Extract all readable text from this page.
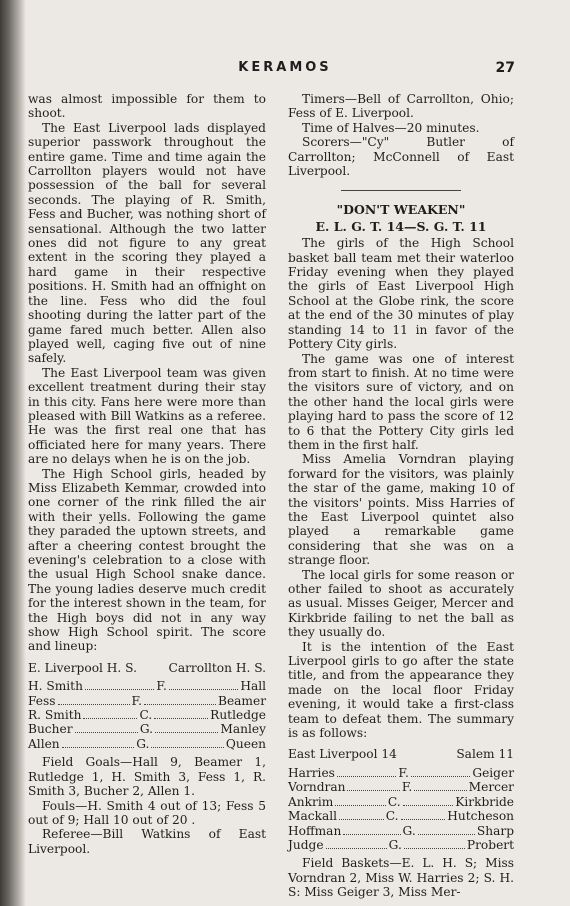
KERAMOS	27

was almost impossible for them to shoot.

The East Liverpool lads displayed superior passwork throughout the entire game. Time and time again the Carrollton players would not have possession of the ball for several seconds. The playing of R. Smith, Fess and Bucher, was nothing short of sensational. Although the two latter ones did not figure to any great extent in the scoring they played a hard game in their respective positions. H. Smith had an offnight on the line. Fess who did the foul shooting during the latter part of the game fared much better. Allen also played well, caging five out of nine safely.

The East Liverpool team was given excellent treatment during their stay in this city. Fans here were more than pleased with Bill Watkins as a referee. He was the first real one that has officiated here for many years. There are no delays when he is on the job.

The High School girls, headed by Miss Elizabeth Kemmar, crowded into one corner of the rink filled the air with their yells. Following the game they paraded the uptown streets, and after a cheering contest brought the evening's celebration to a close with the usual High School snake dance. The young ladies deserve much credit for the interest shown in the team, for the High boys did not in any way show High School spirit. The score and lineup:

E. Liverpool H. S.	Carrollton H. S.
H. Smith	F.	Hall
Fess	F.	Beamer
R. Smith	C.	Rutledge
Bucher	G.	Manley
Allen	G.	Queen

Field Goals—Hall 9, Beamer 1, Rutledge 1, H. Smith 3, Fess 1, R. Smith 3, Bucher 2, Allen 1.

Fouls—H. Smith 4 out of 13; Fess 5 out of 9; Hall 10 out of 20 .

Referee—Bill Watkins of East Liverpool.

Timers—Bell of Carrollton, Ohio; Fess of E. Liverpool.

Time of Halves—20 minutes.

Scorers—"Cy" Butler of Carrollton; McConnell of East Liverpool.

"DON'T WEAKEN"

E. L. G. T. 14—S. G. T. 11

The girls of the High School basket ball team met their waterloo Friday evening when they played the girls of East Liverpool High School at the Globe rink, the score at the end of the 30 minutes of play standing 14 to 11 in favor of the Pottery City girls.

The game was one of interest from start to finish. At no time were the visitors sure of victory, and on the other hand the local girls were playing hard to pass the score of 12 to 6 that the Pottery City girls led them in the first half.

Miss Amelia Vorndran playing forward for the visitors, was plainly the star of the game, making 10 of the visitors' points. Miss Harries of the East Liverpool quintet also played a remarkable game considering that she was on a strange floor.

The local girls for some reason or other failed to shoot as accurately as usual. Misses Geiger, Mercer and Kirkbride failing to net the ball as they usually do.

It is the intention of the East Liverpool girls to go after the state title, and from the appearance they made on the local floor Friday evening, it would take a first-class team to defeat them. The summary is as follows:

East Liverpool 14	Salem 11
Harries	F.	Geiger
Vorndran	F.	Mercer
Ankrim	C.	Kirkbride
Mackall	C.	Hutcheson
Hoffman	G.	Sharp
Judge	G.	Probert

Field Baskets—E. L. H. S; Miss Vorndran 2, Miss W. Harries 2; S. H. S: Miss Geiger 3, Miss Mer-
